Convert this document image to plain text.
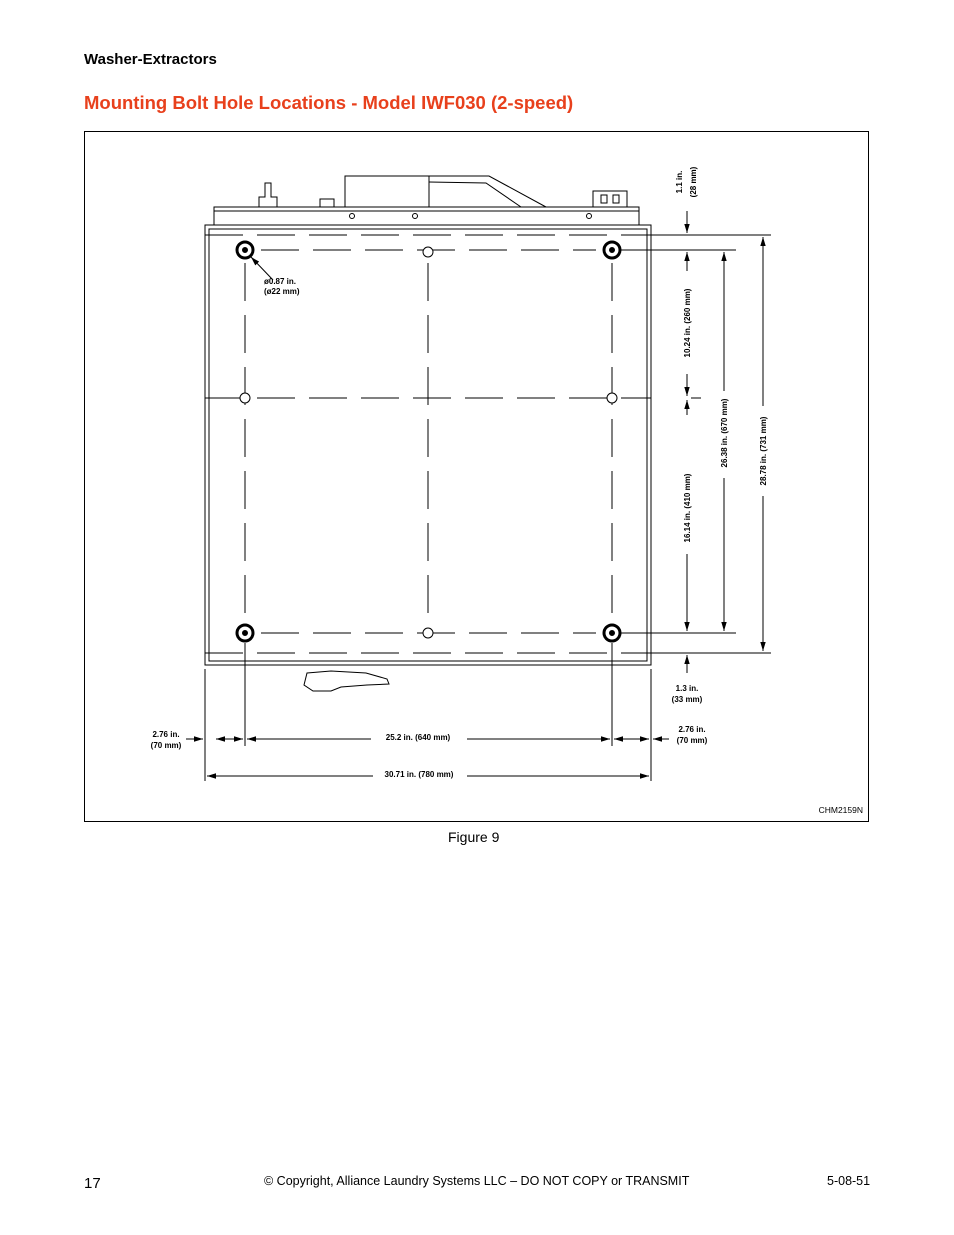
Washer-Extractors
Mounting Bolt Hole Locations - Model IWF030 (2-speed)
ø0.87 in.
(ø22 mm)
1.1 in. (28 mm)
10.24 in. (260 mm)
16.14 in. (410 mm)
26.38 in. (670 mm)	28.78 in. (731 mm)
1.3 in.
(33 mm)
2.76 in.
(70 mm)
25.2 in. (640 mm)
2.76 in.
(70 mm)
30.71 in. (780 mm)
CHM2159N
Figure 9
17	© Copyright, Alliance Laundry Systems LLC – DO NOT COPY or TRANSMIT	5-08-51
